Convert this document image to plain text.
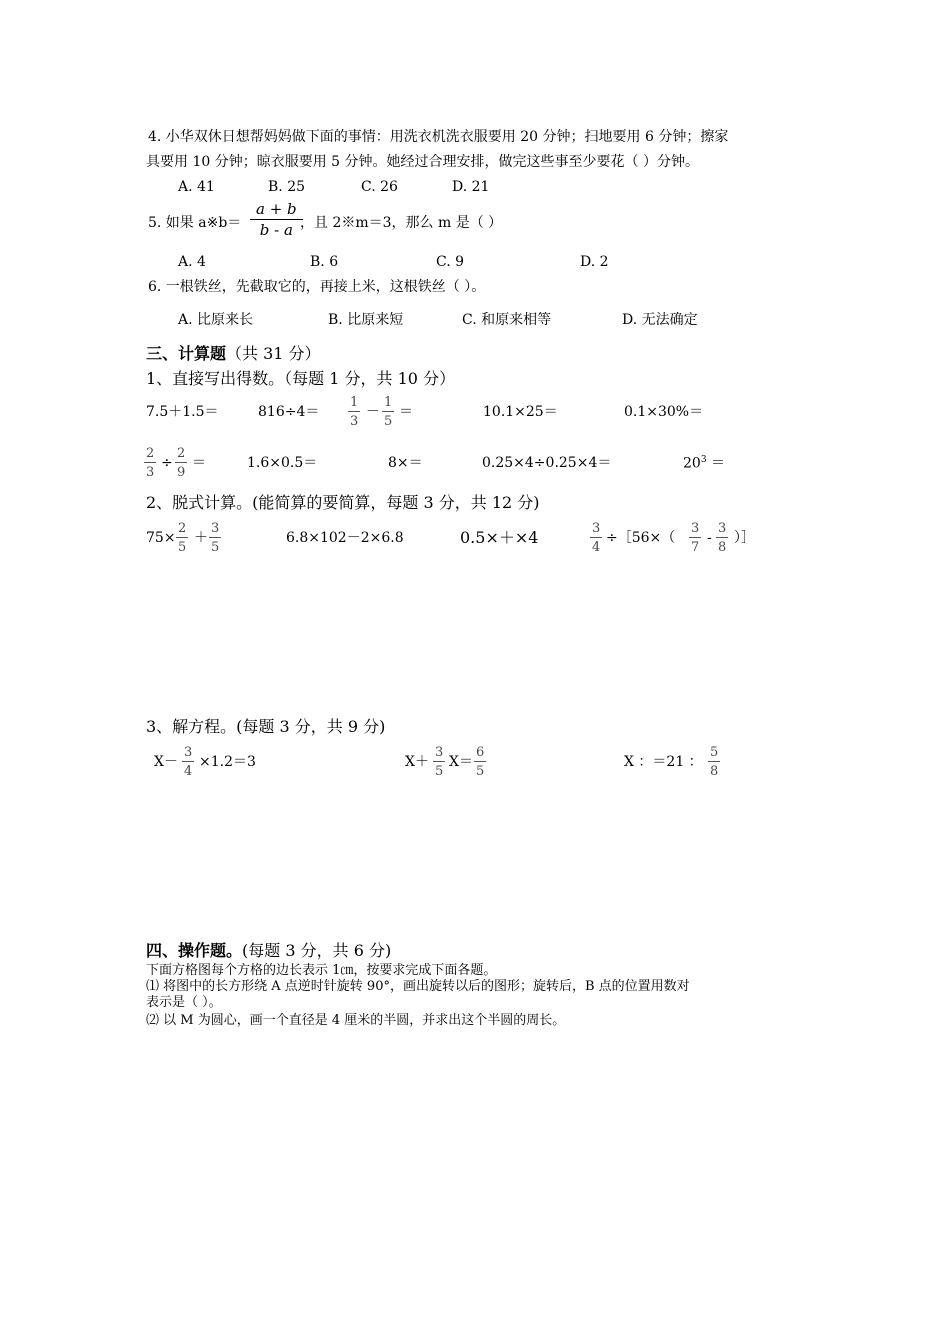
4. 小华双休日想帮妈妈做下面的事情：用洗衣机洗衣服要用 20 分钟；扫地要用 6 分钟；擦家
具要用 10 分钟；晾衣服要用 5 分钟。她经过合理安排，做完这些事至少要花（ ）分钟。
A. 41	B. 25	C. 26	D. 21
5. 如果 a※b＝
a + b
b - a ，且 2※m＝3，那么 m 是（ ）
A. 4	B. 6	C. 9	D. 2
6. 一根铁丝，先截取它的，再接上米，这根铁丝（ ）。
A. 比原来长	B. 比原来短	C. 和原来相等	D. 无法确定
三、计算题（共 31 分）
1、直接写出得数。（每题 1 分，共 10 分）
7.5＋1.5＝	816÷4＝
1
3
－
1
5
＝	10.1×25＝	0.1×30%＝
2
3
÷
2
9
＝	1.6×0.5＝	8×＝	0.25×4÷0.25×4＝	$20^3$ ＝
2、脱式计算。(能简算的要简算，每题 3 分，共 12 分)
75×
2
5
＋
3
5
6.8×102－2×6.8	0.5×＋×4	3
4
÷［56×（
3
7
-
3
8
）］
3、解方程。(每题 3 分，共 9 分)
X－
3
4
×1.2＝3	X＋
3
5
X＝
6
5
X ：＝21 ：
5
8
四、操作题。(每题 3 分，共 6 分)
下面方格图每个方格的边长表示 1㎝，按要求完成下面各题。
⑴ 将图中的长方形绕 A 点逆时针旋转 90°，画出旋转以后的图形；旋转后，B 点的位置用数对
表示是（ ）。
⑵ 以 M 为圆心，画一个直径是 4 厘米的半圆，并求出这个半圆的周长。
